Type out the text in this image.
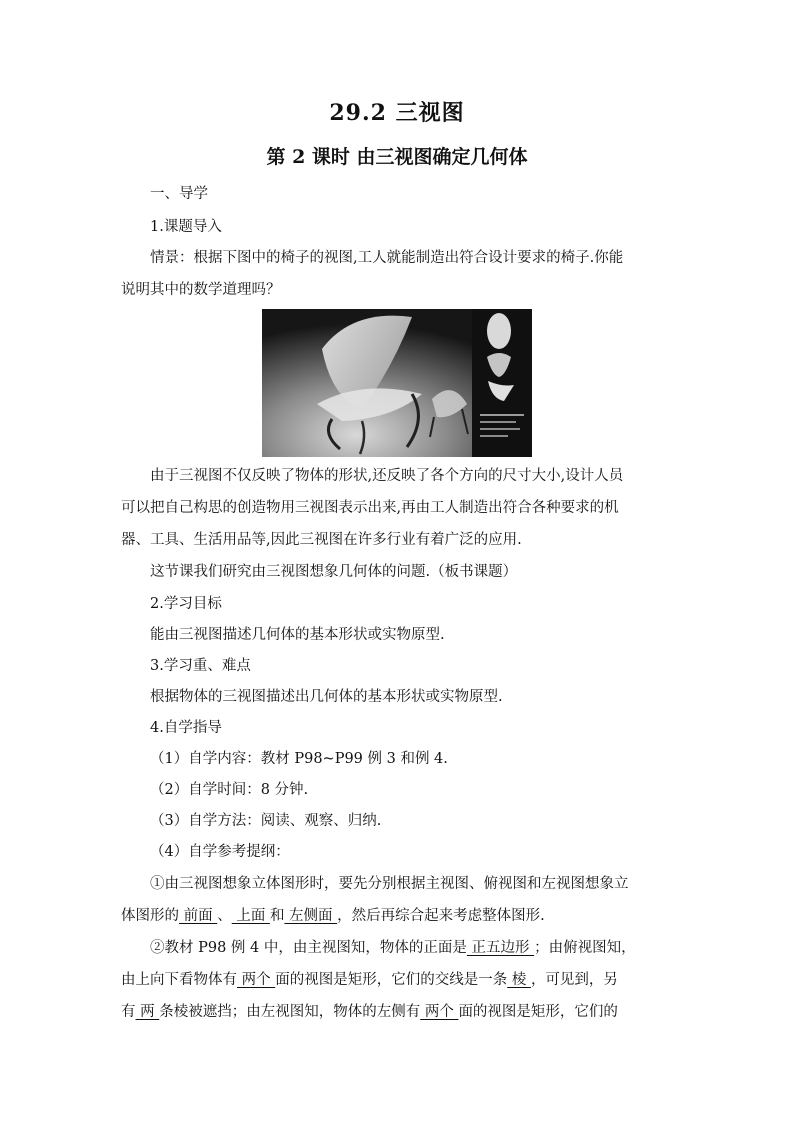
29.2 三视图
第 2 课时 由三视图确定几何体
一、导学
1.课题导入
情景：根据下图中的椅子的视图,工人就能制造出符合设计要求的椅子.你能
说明其中的数学道理吗？
由于三视图不仅反映了物体的形状,还反映了各个方向的尺寸大小,设计人员
可以把自己构思的创造物用三视图表示出来,再由工人制造出符合各种要求的机
器、工具、生活用品等,因此三视图在许多行业有着广泛的应用.
这节课我们研究由三视图想象几何体的问题.（板书课题）
2.学习目标
能由三视图描述几何体的基本形状或实物原型.
3.学习重、难点
根据物体的三视图描述出几何体的基本形状或实物原型.
4.自学指导
（1）自学内容：教材 P98~P99 例 3 和例 4.
（2）自学时间：8 分钟.
（3）自学方法：阅读、观察、归纳.
（4）自学参考提纲：
①由三视图想象立体图形时，要先分别根据主视图、俯视图和左视图想象立
体图形的 前面 、 上面 和 左侧面 ，然后再综合起来考虑整体图形.
②教材 P98 例 4 中，由主视图知，物体的正面是 正五边形 ；由俯视图知，
由上向下看物体有 两个 面的视图是矩形，它们的交线是一条 棱 ，可见到，另
有 两 条棱被遮挡；由左视图知，物体的左侧有 两个 面的视图是矩形，它们的
